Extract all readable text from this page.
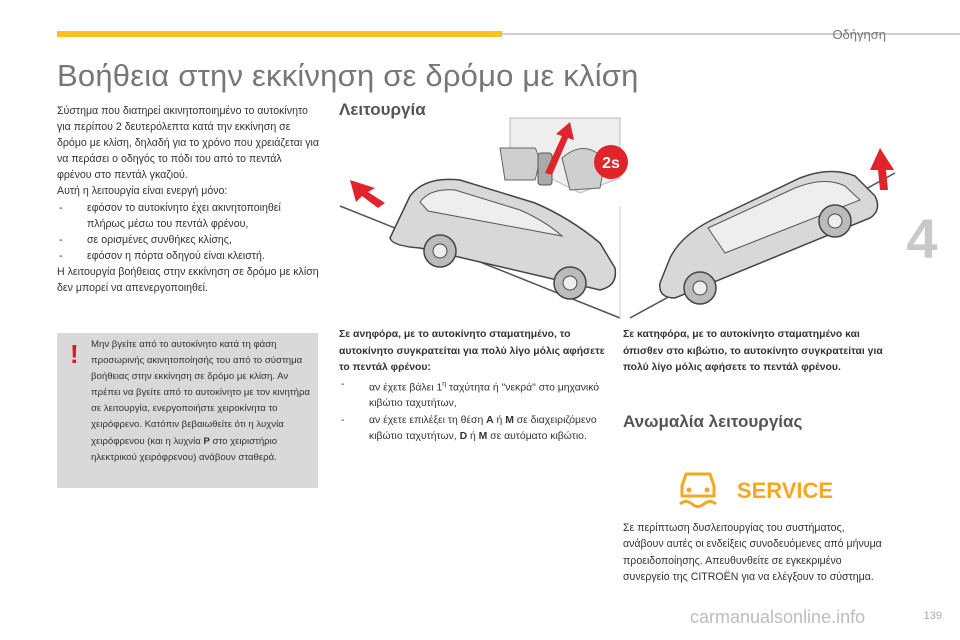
Οδήγηση
4
Βοήθεια στην εκκίνηση σε δρόμο με κλίση

Σύστημα που διατηρεί ακινητοποιημένο το αυτοκίνητο για περίπου 2 δευτερόλεπτα κατά την εκκίνηση σε δρόμο με κλίση, δηλαδή για το χρόνο που χρειάζεται για να περάσει ο οδηγός το πόδι του από το πεντάλ φρένου στο πεντάλ γκαζιού.

Αυτή η λειτουργία είναι ενεργή μόνο:

- εφόσον το αυτοκίνητο έχει ακινητοποιηθεί πλήρως μέσω του πεντάλ φρένου,

- σε ορισμένες συνθήκες κλίσης,

- εφόσον η πόρτα οδηγού είναι κλειστή.

Η λειτουργία βοήθειας στην εκκίνηση σε δρόμο με κλίση δεν μπορεί να απενεργοποιηθεί.

! Μην βγείτε από το αυτοκίνητο κατά τη φάση προσωρινής ακινητοποίησής του από το σύστημα βοήθειας στην εκκίνηση σε δρόμο με κλίση. Αν πρέπει να βγείτε από το αυτοκίνητο με τον κινητήρα σε λειτουργία, ενεργοποιήστε χειροκίνητα το χειρόφρενο. Κατόπιν βεβαιωθείτε ότι η λυχνία χειρόφρενου (και η λυχνία P στο χειριστήριο ηλεκτρικού χειρόφρενου) ανάβουν σταθερά.
Λειτουργία
2s
Σε ανηφόρα, με το αυτοκίνητο σταματημένο, το αυτοκίνητο συγκρατείται για πολύ λίγο μόλις αφήσετε το πεντάλ φρένου:
- αν έχετε βάλει $1^\eta$ ταχύτητα ή "νεκρά" στο μηχανικό κιβώτιο ταχυτήτων,
- αν έχετε επιλέξει τη θέση A ή M σε διαχειριζόμενο κιβώτιο ταχυτήτων, D ή M σε αυτόματο κιβώτιο.
Σε κατηφόρα, με το αυτοκίνητο σταματημένο και όπισθεν στο κιβώτιο, το αυτοκίνητο συγκρατείται για πολύ λίγο μόλις αφήσετε το πεντάλ φρένου.
Ανωμαλία λειτουργίας
SERVICE

Σε περίπτωση δυσλειτουργίας του συστήματος, ανάβουν αυτές οι ενδείξεις συνοδευόμενες από μήνυμα προειδοποίησης. Απευθυνθείτε σε εγκεκριμένο συνεργείο της CITROËN για να ελέγξουν το σύστημα.

carmanualsonline.info	139
